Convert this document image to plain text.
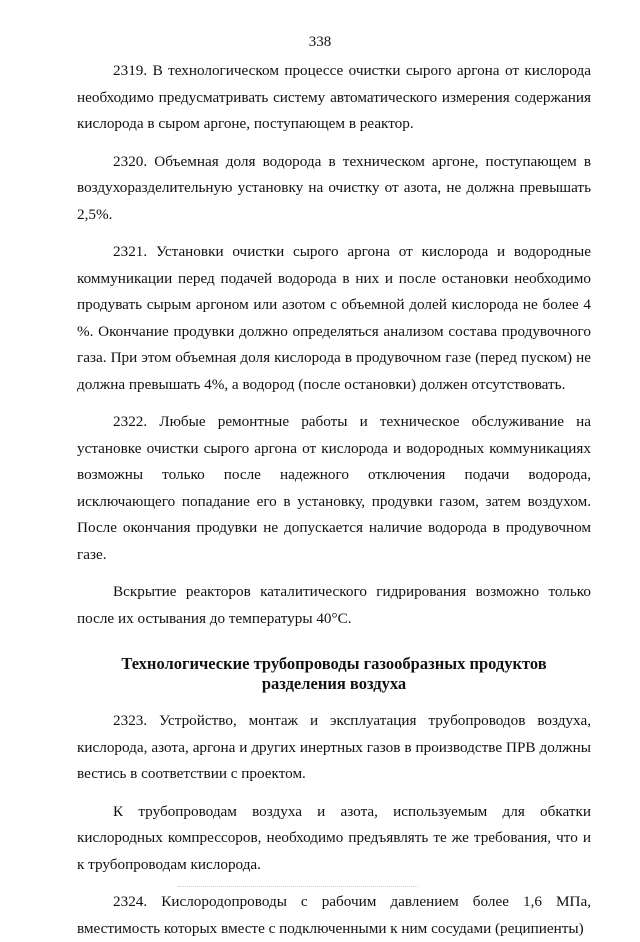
338

2319. В технологическом процессе очистки сырого аргона от кислорода необходимо предусматривать систему автоматического измерения содержания кислорода в сыром аргоне, поступающем в реактор.

2320. Объемная доля водорода в техническом аргоне, поступающем в воздухоразделительную установку на очистку от азота, не должна превышать 2,5%.

2321. Установки очистки сырого аргона от кислорода и водородные коммуникации перед подачей водорода в них и после остановки необходимо продувать сырым аргоном или азотом с объемной долей кислорода не более 4 %. Окончание продувки должно определяться анализом состава продувочного газа. При этом объемная доля кислорода в продувочном газе (перед пуском) не должна превышать 4%, а водород (после остановки) должен отсутствовать.

2322. Любые ремонтные работы и техническое обслуживание на установке очистки сырого аргона от кислорода и водородных коммуникациях возможны только после надежного отключения подачи водорода, исключающего попадание его в установку, продувки газом, затем воздухом. После окончания продувки не допускается наличие водорода в продувочном газе.

Вскрытие реакторов каталитического гидрирования возможно только после их остывания до температуры 40°С.

Технологические трубопроводы газообразных продуктов
разделения воздуха

2323. Устройство, монтаж и эксплуатация трубопроводов воздуха, кислорода, азота, аргона и других инертных газов в производстве ПРВ должны вестись в соответствии с проектом.

К трубопроводам воздуха и азота, используемым для обкатки кислородных компрессоров, необходимо предъявлять те же требования, что и к трубопроводам кислорода.

2324. Кислородопроводы с рабочим давлением более 1,6 МПа, вместимость которых вместе с подключенными к ним сосудами (реципиенты)
